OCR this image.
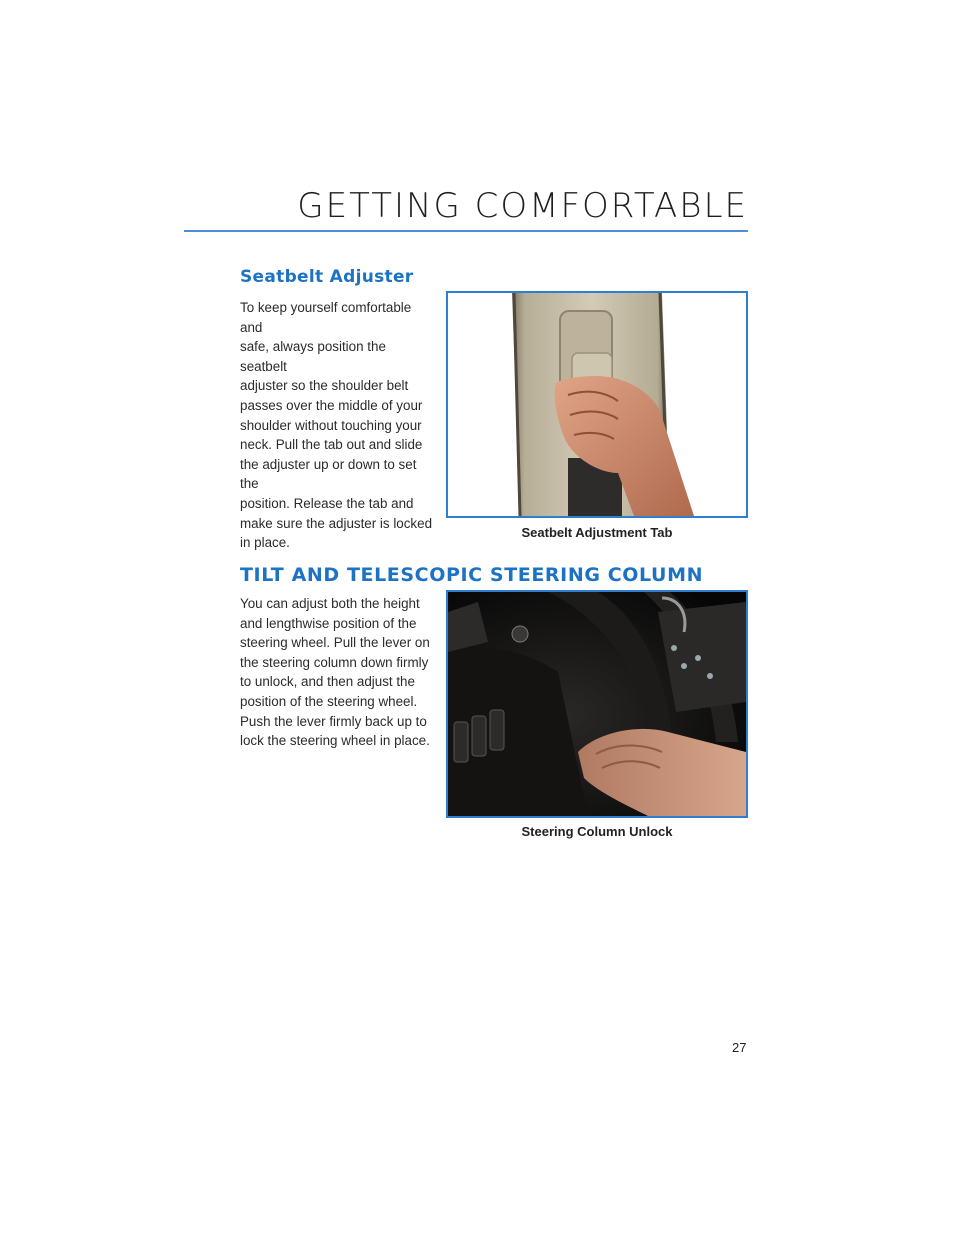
GETTING COMFORTABLE
Seatbelt Adjuster
To keep yourself comfortable and
safe, always position the seatbelt
adjuster so the shoulder belt
passes over the middle of your
shoulder without touching your
neck. Pull the tab out and slide
the adjuster up or down to set the
position. Release the tab and
make sure the adjuster is locked
in place.
Seatbelt Adjustment Tab
TILT AND TELESCOPIC STEERING COLUMN
You can adjust both the height
and lengthwise position of the
steering wheel. Pull the lever on
the steering column down firmly
to unlock, and then adjust the
position of the steering wheel.
Push the lever firmly back up to
lock the steering wheel in place.
Steering Column Unlock
27
